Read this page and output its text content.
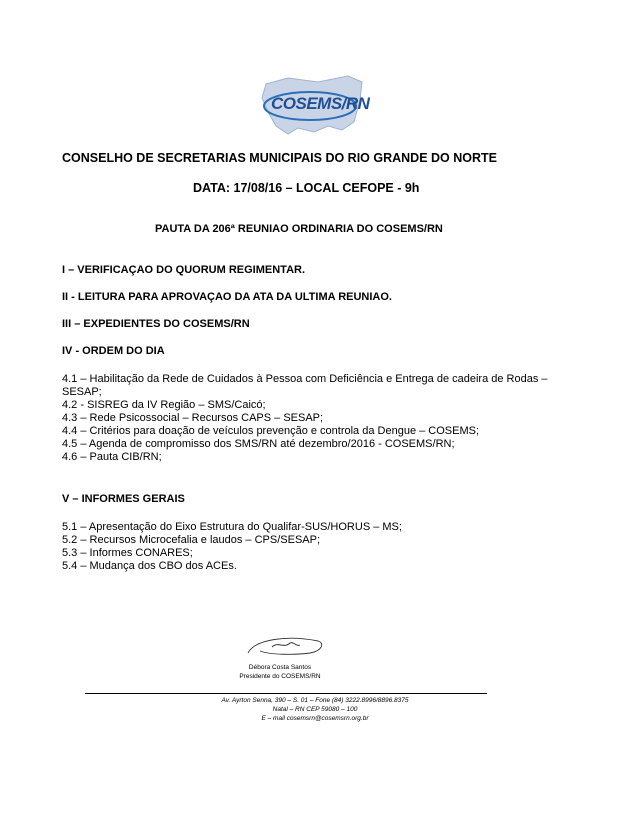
COSEMS/RN
CONSELHO DE SECRETARIAS MUNICIPAIS DO RIO GRANDE DO NORTE
DATA: 17/08/16 – LOCAL CEFOPE - 9h
PAUTA DA 206ª REUNIAO ORDINARIA DO COSEMS/RN
I – VERIFICAÇAO DO QUORUM REGIMENTAR.
II - LEITURA PARA APROVAÇAO DA ATA DA ULTIMA REUNIAO.
III – EXPEDIENTES DO COSEMS/RN
IV - ORDEM DO DIA
4.1 – Habilitação da Rede de Cuidados à Pessoa com Deficiência e Entrega de cadeira de Rodas – SESAP;
4.2 - SISREG da IV Região – SMS/Caicó;
4.3 – Rede Psicossocial – Recursos CAPS – SESAP;
4.4 – Critérios para doação de veículos prevenção e controla da Dengue – COSEMS;
4.5 – Agenda de compromisso dos SMS/RN até dezembro/2016 - COSEMS/RN;
4.6 – Pauta CIB/RN;
V – INFORMES GERAIS
5.1 – Apresentação do Eixo Estrutura do Qualifar-SUS/HORUS – MS;
5.2 – Recursos Microcefalia e laudos – CPS/SESAP;
5.3 – Informes CONARES;
5.4 – Mudança dos CBO dos ACEs.
Débora Costa Santos
Presidente do COSEMS/RN
Av. Ayrton Senna, 390 – S. 01 – Fone (84) 3222.8996/8896.8375
Natal – RN CEP 59080 – 100
E – mail cosemsrn@cosemsrn.org.br
